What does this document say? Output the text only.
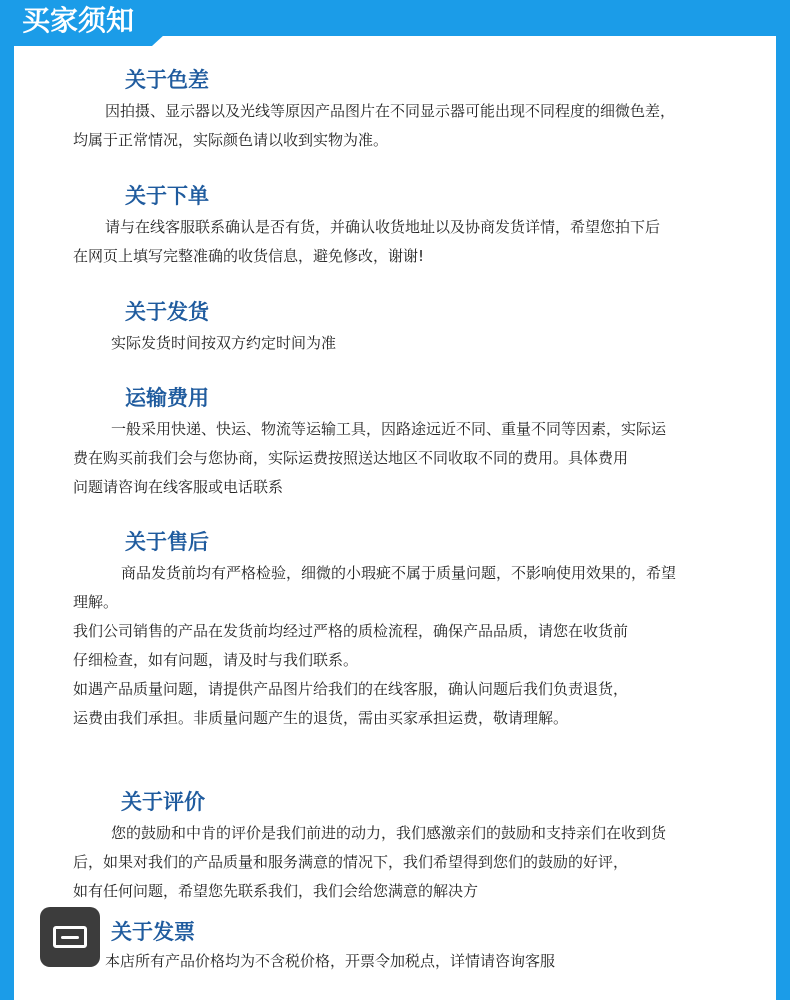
买家须知
关于色差
因拍摄、显示器以及光线等原因产品图片在不同显示器可能出现不同程度的细微色差，
均属于正常情况，实际颜色请以收到实物为准。
关于下单
请与在线客服联系确认是否有货，并确认收货地址以及协商发货详情，希望您拍下后
在网页上填写完整准确的收货信息，避免修改，谢谢!
关于发货
实际发货时间按双方约定时间为准
运输费用
一般采用快递、快运、物流等运输工具，因路途远近不同、重量不同等因素，实际运
费在购买前我们会与您协商，实际运费按照送达地区不同收取不同的费用。具体费用
问题请咨询在线客服或电话联系
关于售后
商品发货前均有严格检验，细微的小瑕疵不属于质量问题，不影响使用效果的，希望
理解。
我们公司销售的产品在发货前均经过严格的质检流程，确保产品品质，请您在收货前
仔细检查，如有问题，请及时与我们联系。
如遇产品质量问题，请提供产品图片给我们的在线客服，确认问题后我们负责退货，
运费由我们承担。非质量问题产生的退货，需由买家承担运费，敬请理解。
关于评价
您的鼓励和中肯的评价是我们前进的动力，我们感激亲们的鼓励和支持亲们在收到货
后，如果对我们的产品质量和服务满意的情况下，我们希望得到您们的鼓励的好评，
如有任何问题，希望您先联系我们，我们会给您满意的解决方
关于发票
本店所有产品价格均为不含税价格，开票令加税点，详情请咨询客服
